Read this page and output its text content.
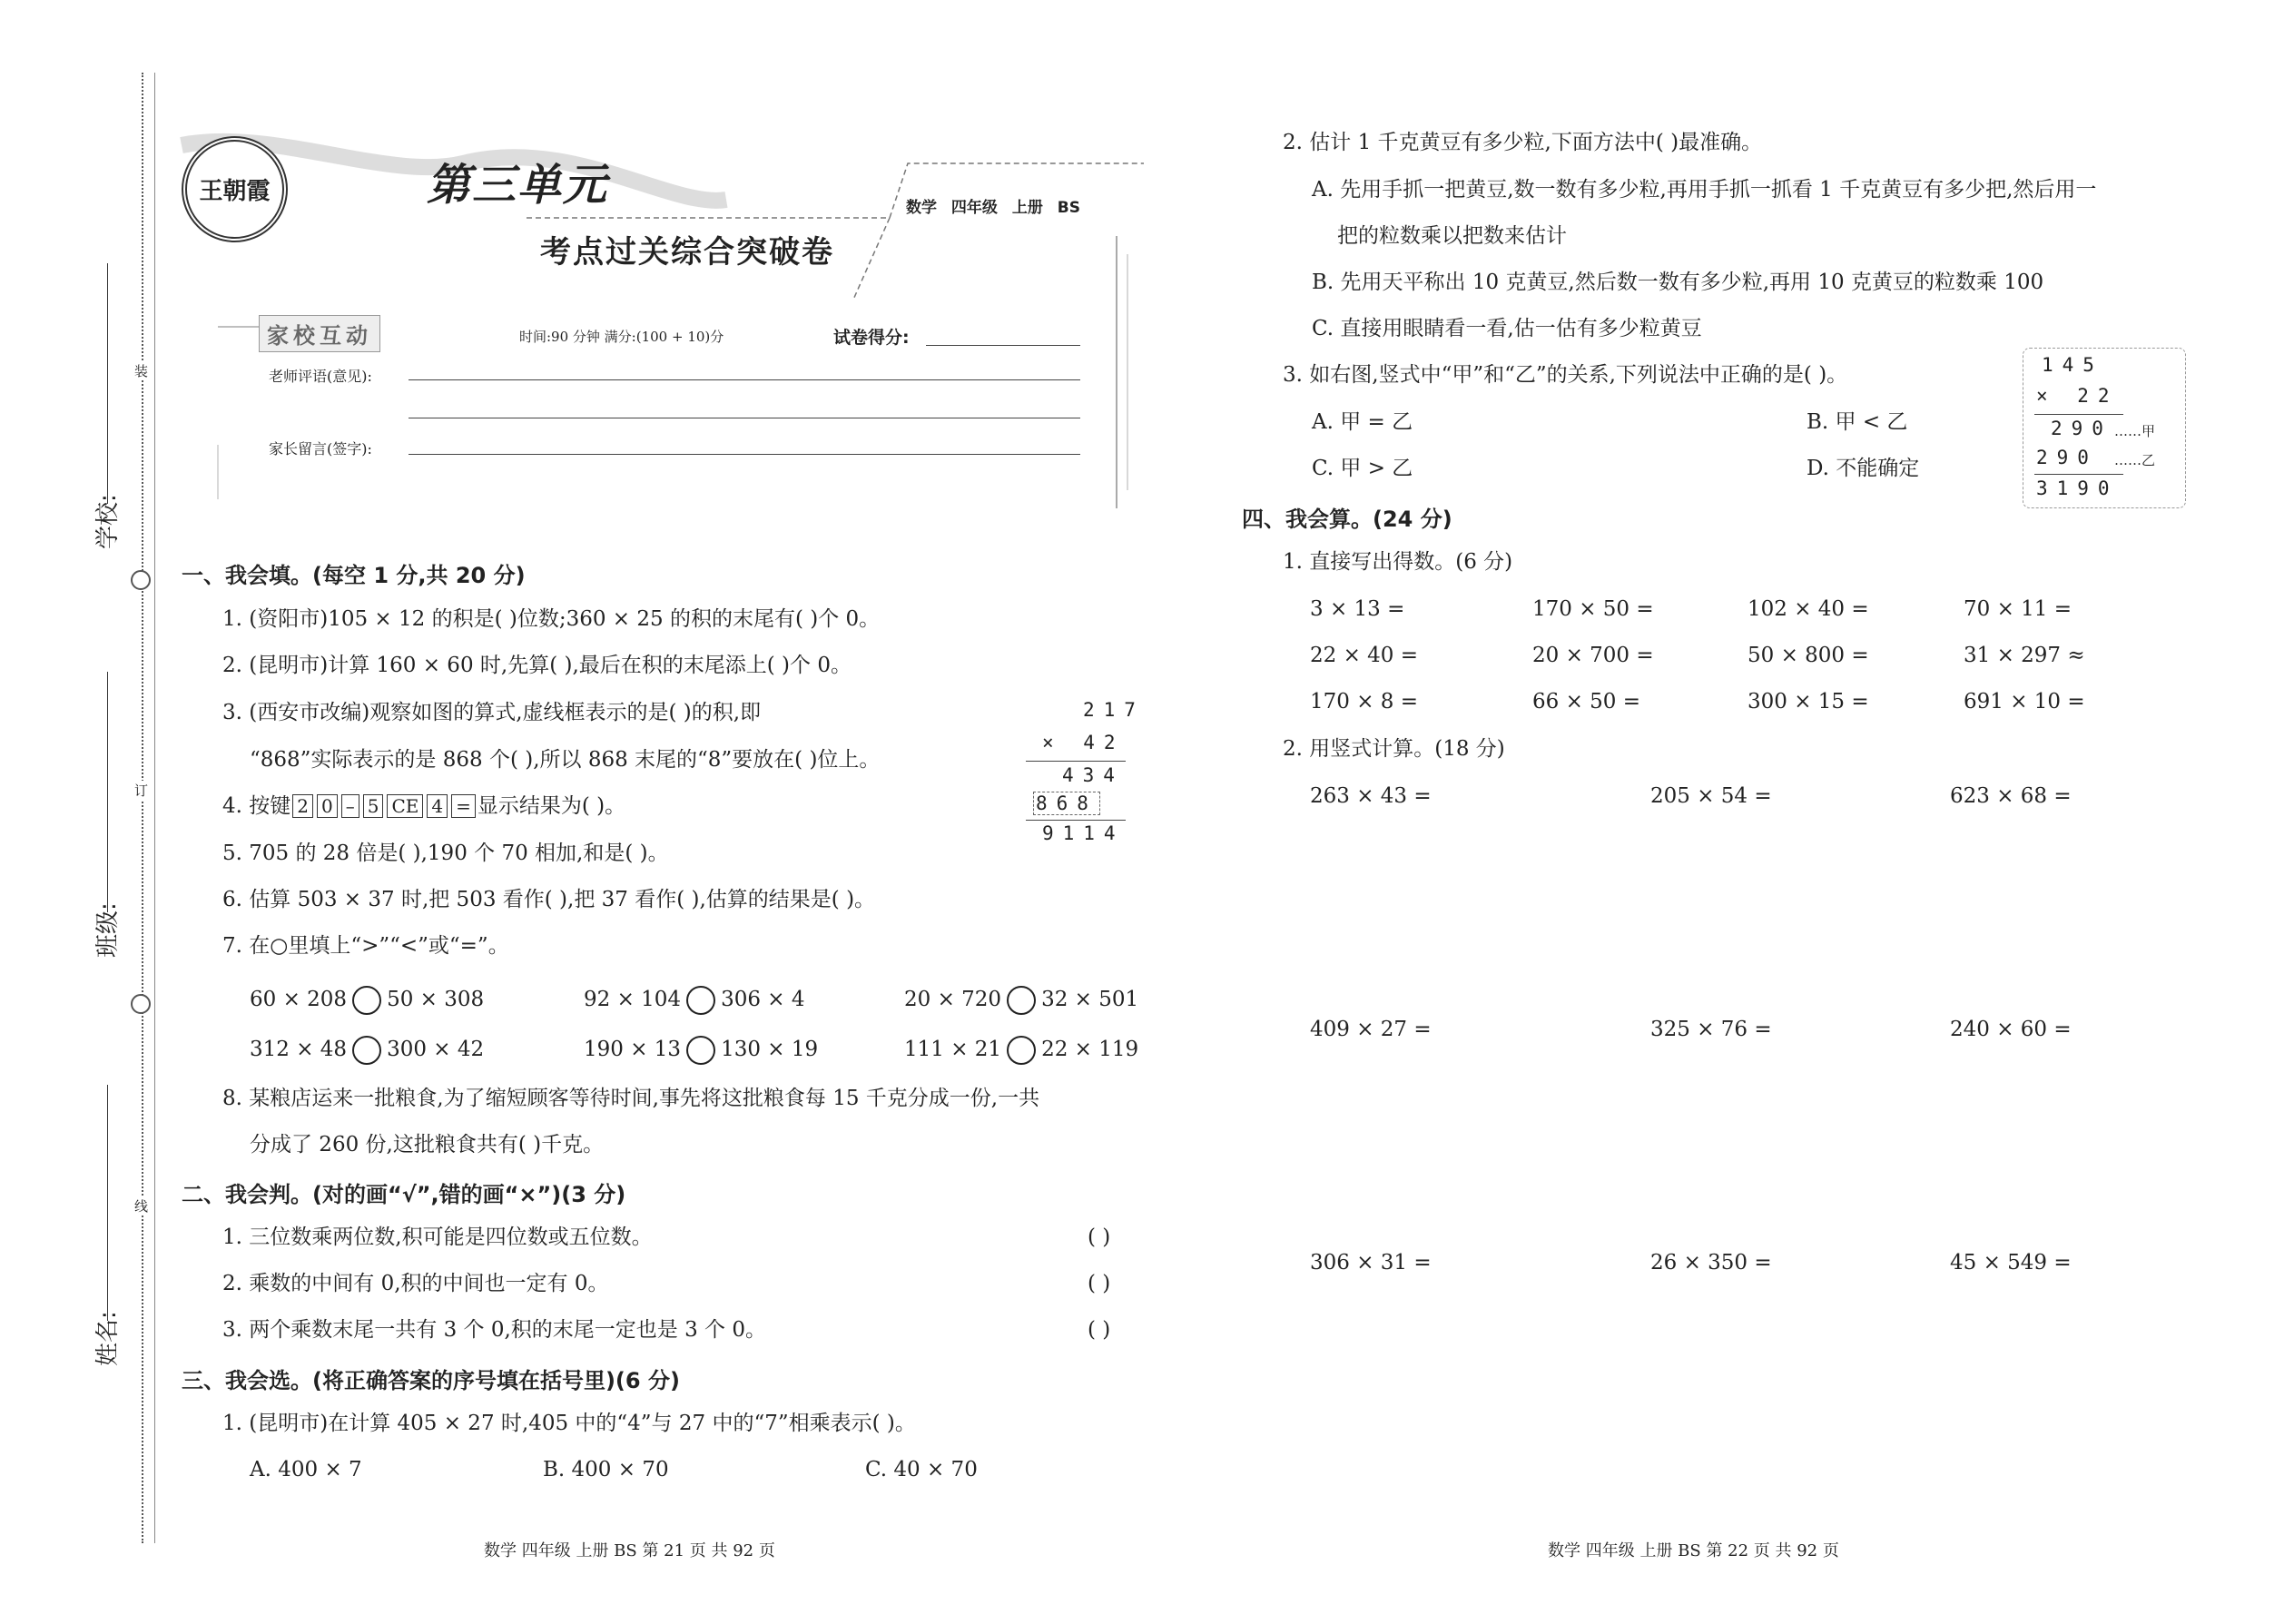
装
订
线
学校:
班级:
姓名:
王朝霞	第三单元	数学 四年级 上册 BS
考点过关综合突破卷
家校互动	时间:90 分钟 满分:(100 + 10)分	试卷得分:
老师评语(意见):
家长留言(签字):
一、我会填。(每空 1 分,共 20 分)
1. (资阳市)105 × 12 的积是( )位数;360 × 25 的积的末尾有( )个 0。
2. (昆明市)计算 160 × 60 时,先算( ),最后在积的末尾添上( )个 0。
3. (西安市改编)观察如图的算式,虚线框表示的是( )的积,即
“868”实际表示的是 868 个( ),所以 868 末尾的“8”要放在( )位上。
217
× 42
434
868
9114
4. 按键 2 0 – 5 CE 4 = 显示结果为( )。
5. 705 的 28 倍是( ),190 个 70 相加,和是( )。
6. 估算 503 × 37 时,把 503 看作( ),把 37 看作( ),估算的结果是( )。
7. 在○里填上“>”“<”或“=”。
60 × 208 50 × 308	92 × 104 306 × 4	20 × 720 32 × 501
312 × 48 300 × 42	190 × 13 130 × 19	111 × 21 22 × 119
8. 某粮店运来一批粮食,为了缩短顾客等待时间,事先将这批粮食每 15 千克分成一份,一共
分成了 260 份,这批粮食共有( )千克。
二、我会判。(对的画“√”,错的画“×”)(3 分)
1. 三位数乘两位数,积可能是四位数或五位数。	( )
2. 乘数的中间有 0,积的中间也一定有 0。	( )
3. 两个乘数末尾一共有 3 个 0,积的末尾一定也是 3 个 0。	( )
三、我会选。(将正确答案的序号填在括号里)(6 分)
1. (昆明市)在计算 405 × 27 时,405 中的“4”与 27 中的“7”相乘表示( )。
A. 400 × 7	B. 400 × 70	C. 40 × 70
数学 四年级 上册 BS 第 21 页 共 92 页
2. 估计 1 千克黄豆有多少粒,下面方法中( )最准确。
A. 先用手抓一把黄豆,数一数有多少粒,再用手抓一抓看 1 千克黄豆有多少把,然后用一
把的粒数乘以把数来估计
B. 先用天平称出 10 克黄豆,然后数一数有多少粒,再用 10 克黄豆的粒数乘 100
C. 直接用眼睛看一看,估一估有多少粒黄豆
3. 如右图,竖式中“甲”和“乙”的关系,下列说法中正确的是( )。
A. 甲 = 乙	B. 甲 < 乙
C. 甲 > 乙	D. 不能确定
145
× 22
290 ……甲
290 ……乙
3190
四、我会算。(24 分)
1. 直接写出得数。(6 分)
3 × 13 =	170 × 50 =	102 × 40 =	70 × 11 =
22 × 40 =	20 × 700 =	50 × 800 =	31 × 297 ≈
170 × 8 =	66 × 50 =	300 × 15 =	691 × 10 =
2. 用竖式计算。(18 分)
263 × 43 =	205 × 54 =	623 × 68 =
409 × 27 =	325 × 76 =	240 × 60 =
306 × 31 =	26 × 350 =	45 × 549 =
数学 四年级 上册 BS 第 22 页 共 92 页
